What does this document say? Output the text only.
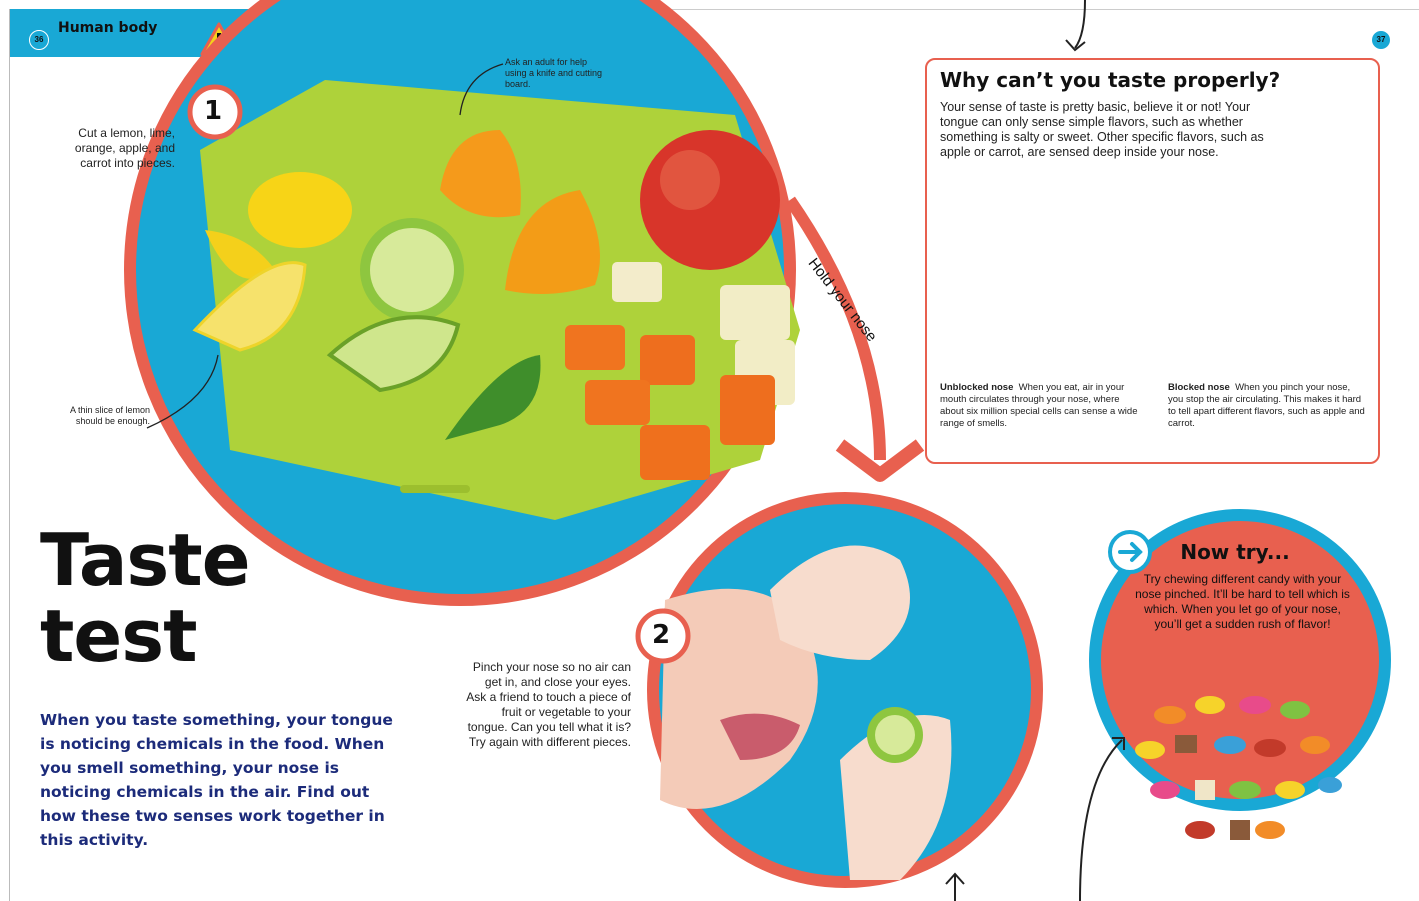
36
Human body
37
1
2
Cut a lemon, lime, orange, apple, and carrot into pieces.
Ask an adult for help using a knife and cutting board.
A thin slice of lemon should be enough.
Hold your nose
Taste
test
When you taste something, your tongue is noticing chemicals in the food. When you smell something, your nose is noticing chemicals in the air. Find out how these two senses work together in this activity.
Pinch your nose so no air can get in, and close your eyes. Ask a friend to touch a piece of fruit or vegetable to your tongue. Can you tell what it is? Try again with different pieces.
Why can’t you taste properly?
Your sense of taste is pretty basic, believe it or not! Your tongue can only sense simple flavors, such as whether something is salty or sweet. Other specific flavors, such as apple or carrot, are sensed deep inside your nose.
Unblocked nose When you eat, air in your mouth circulates through your nose, where about six million special cells can sense a wide range of smells.
Blocked nose When you pinch your nose, you stop the air circulating. This makes it hard to tell apart different flavors, such as apple and carrot.
Now try...
Try chewing different candy with your nose pinched. It’ll be hard to tell which is which. When you let go of your nose, you’ll get a sudden rush of flavor!
